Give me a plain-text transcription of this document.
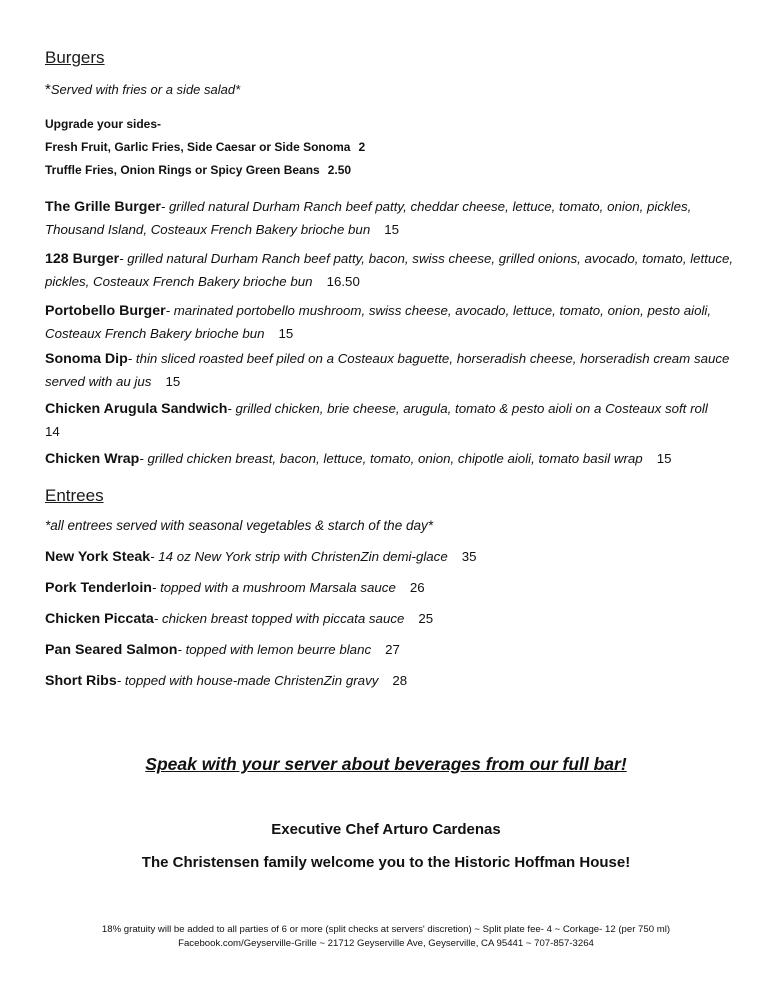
Burgers
*Served with fries or a side salad*
Upgrade your sides-
Fresh Fruit, Garlic Fries, Side Caesar or Side Sonoma 2
Truffle Fries, Onion Rings or Spicy Green Beans 2.50
The Grille Burger- grilled natural Durham Ranch beef patty, cheddar cheese, lettuce, tomato, onion, pickles, Thousand Island, Costeaux French Bakery brioche bun 15
128 Burger- grilled natural Durham Ranch beef patty, bacon, swiss cheese, grilled onions, avocado, tomato, lettuce, pickles, Costeaux French Bakery brioche bun 16.50
Portobello Burger- marinated portobello mushroom, swiss cheese, avocado, lettuce, tomato, onion, pesto aioli, Costeaux French Bakery brioche bun 15
Sonoma Dip- thin sliced roasted beef piled on a Costeaux baguette, horseradish cheese, horseradish cream sauce served with au jus 15
Chicken Arugula Sandwich- grilled chicken, brie cheese, arugula, tomato & pesto aioli on a Costeaux soft roll
14
Chicken Wrap- grilled chicken breast, bacon, lettuce, tomato, onion, chipotle aioli, tomato basil wrap 15
Entrees
*all entrees served with seasonal vegetables & starch of the day*
New York Steak- 14 oz New York strip with ChristenZin demi-glace 35
Pork Tenderloin- topped with a mushroom Marsala sauce 26
Chicken Piccata- chicken breast topped with piccata sauce 25
Pan Seared Salmon- topped with lemon beurre blanc 27
Short Ribs- topped with house-made ChristenZin gravy 28
Speak with your server about beverages from our full bar!
Executive Chef Arturo Cardenas
The Christensen family welcome you to the Historic Hoffman House!
18% gratuity will be added to all parties of 6 or more (split checks at servers' discretion) ~ Split plate fee- 4 ~ Corkage- 12 (per 750 ml)
Facebook.com/Geyserville-Grille ~ 21712 Geyserville Ave, Geyserville, CA 95441 ~ 707-857-3264
